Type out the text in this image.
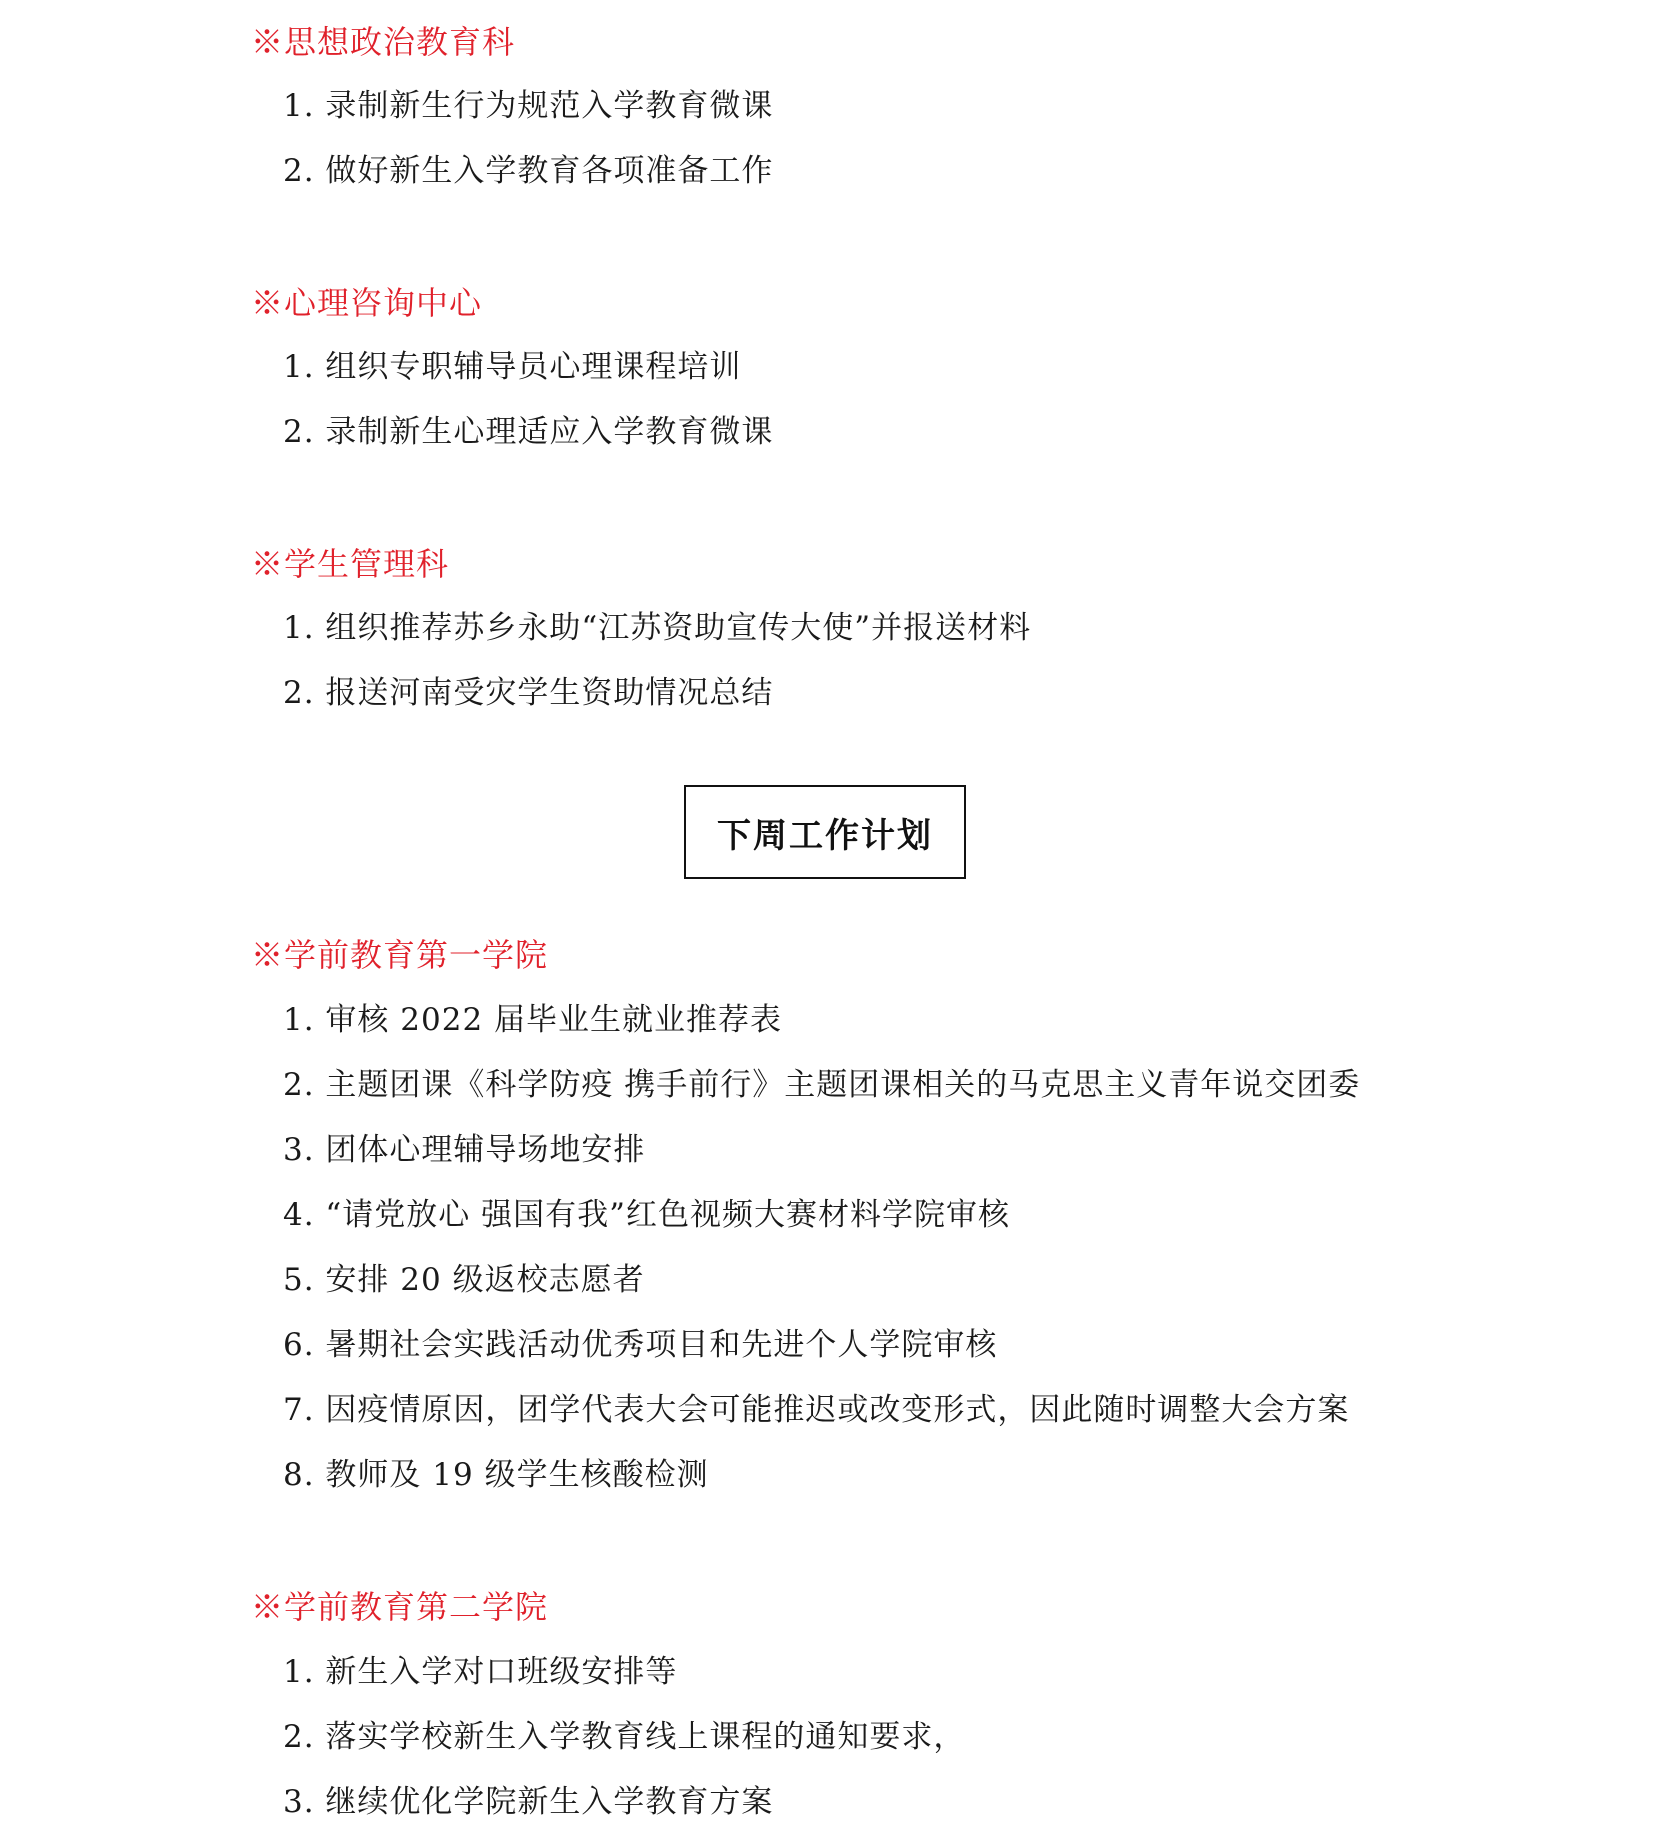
※思想政治教育科
1. 录制新生行为规范入学教育微课
2. 做好新生入学教育各项准备工作
※心理咨询中心
1. 组织专职辅导员心理课程培训
2. 录制新生心理适应入学教育微课
※学生管理科
1. 组织推荐苏乡永助“江苏资助宣传大使”并报送材料
2. 报送河南受灾学生资助情况总结
下周工作计划
※学前教育第一学院
1. 审核 2022 届毕业生就业推荐表
2. 主题团课《科学防疫 携手前行》主题团课相关的马克思主义青年说交团委
3. 团体心理辅导场地安排
4. “请党放心 强国有我”红色视频大赛材料学院审核
5. 安排 20 级返校志愿者
6. 暑期社会实践活动优秀项目和先进个人学院审核
7. 因疫情原因，团学代表大会可能推迟或改变形式，因此随时调整大会方案
8. 教师及 19 级学生核酸检测
※学前教育第二学院
1. 新生入学对口班级安排等
2. 落实学校新生入学教育线上课程的通知要求，
3. 继续优化学院新生入学教育方案
